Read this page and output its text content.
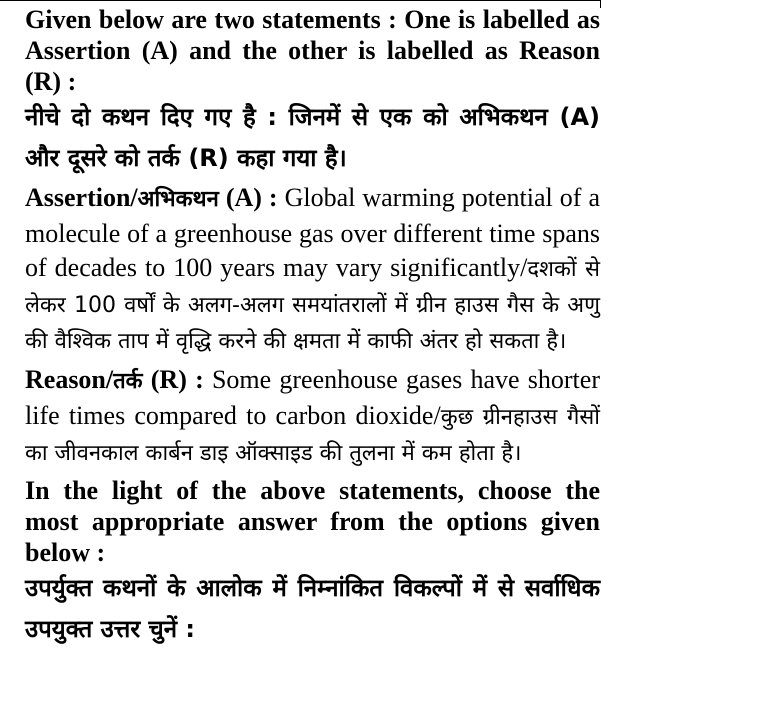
Given below are two statements : One is labelled as Assertion (A) and the other is labelled as Reason (R) :

नीचे दो कथन दिए गए है : जिनमें से एक को अभिकथन (A) और दूसरे को तर्क (R) कहा गया है।

Assertion/अभिकथन (A) : Global warming potential of a molecule of a greenhouse gas over different time spans of decades to 100 years may vary significantly/दशकों से लेकर 100 वर्षों के अलग-अलग समयांतरालों में ग्रीन हाउस गैस के अणु की वैश्विक ताप में वृद्धि करने की क्षमता में काफी अंतर हो सकता है।

Reason/तर्क (R) : Some greenhouse gases have shorter life times compared to carbon dioxide/कुछ ग्रीनहाउस गैसों का जीवनकाल कार्बन डाइ ऑक्साइड की तुलना में कम होता है।

In the light of the above statements, choose the most appropriate answer from the options given below :

उपर्युक्त कथनों के आलोक में निम्नांकित विकल्पों में से सर्वाधिक उपयुक्त उत्तर चुनें :
